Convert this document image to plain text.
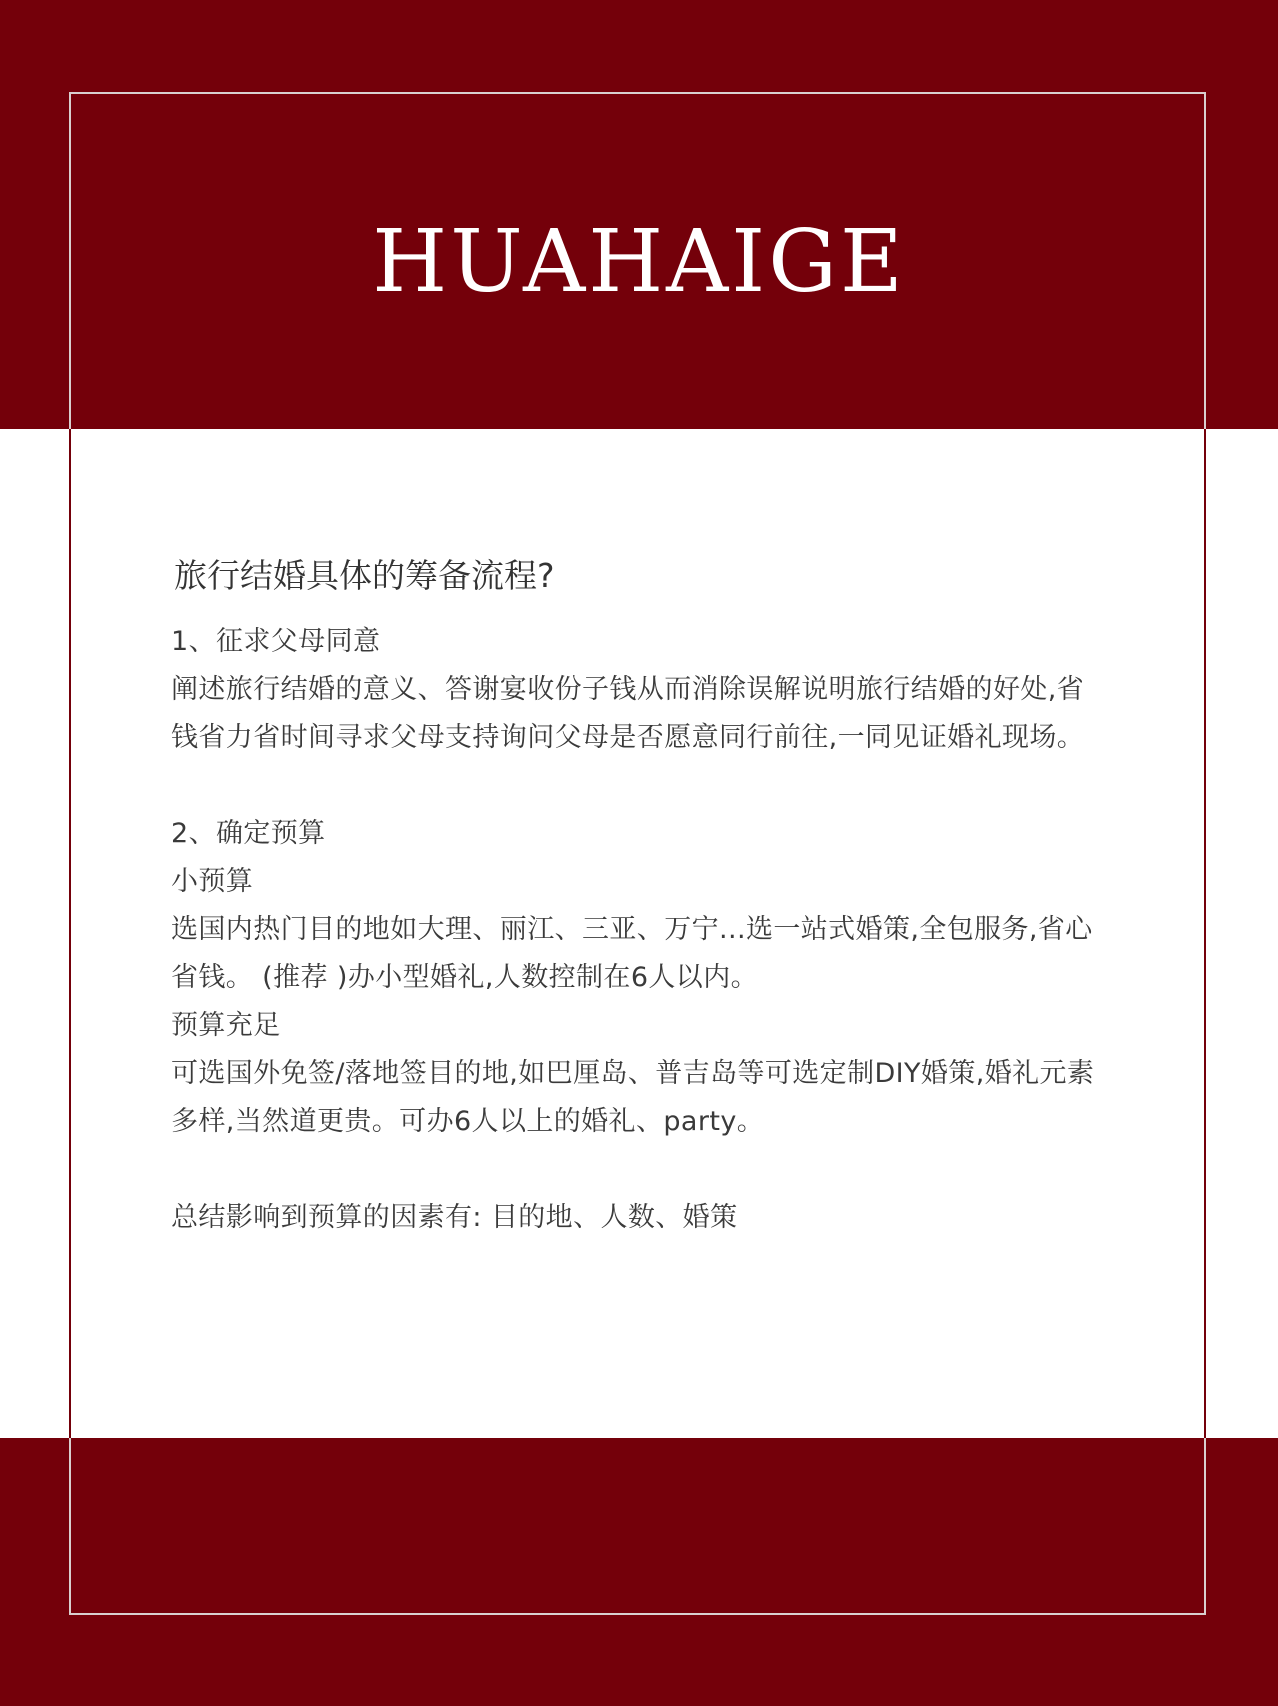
HUAHAIGE
旅行结婚具体的筹备流程?

1、征求父母同意

阐述旅行结婚的意义、答谢宴收份子钱从而消除误解说明旅行结婚的好处,省钱省力省时间寻求父母支持询问父母是否愿意同行前往,一同见证婚礼现场。

2、确定预算

小预算

选国内热门目的地如大理、丽江、三亚、万宁...选一站式婚策,全包服务,省心省钱。 (推荐 )办小型婚礼,人数控制在6人以内。

预算充足

可选国外免签/落地签目的地,如巴厘岛、普吉岛等可选定制DIY婚策,婚礼元素多样,当然道更贵。可办6人以上的婚礼、party。

总结影响到预算的因素有: 目的地、人数、婚策
